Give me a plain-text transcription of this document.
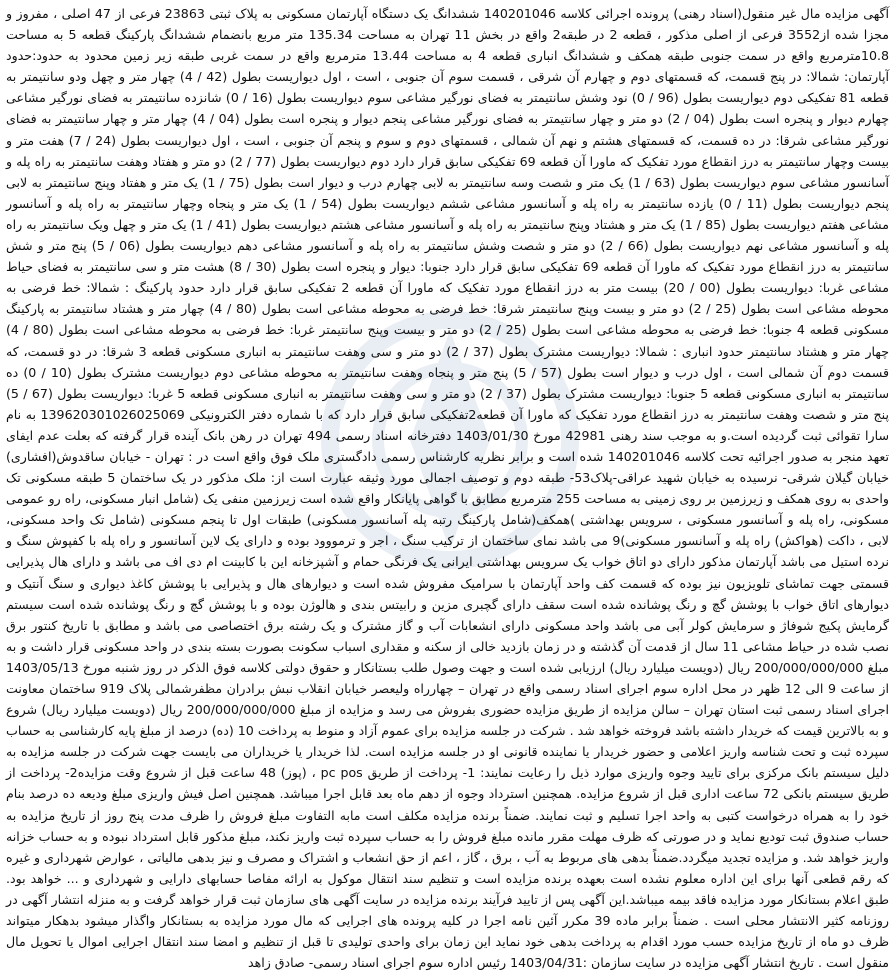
آگهی مزایده مال غیر منقول(اسناد رهنی) پرونده اجرائی کلاسه 140201046 ششدانگ یک دستگاه آپارتمان مسکونی به پلاک ثبتی 23863 فرعی از 47 اصلی ، مفروز و مجزا شده از3552 فرعی از اصلی مذکور ، قطعه 2 در طبقه2 واقع در بخش 11 تهران به مساحت 135.34 متر مربع بانضمام ششدانگ پارکینگ قطعه 5 به مساحت 10.8مترمربع واقع در سمت جنوبی طبقه همکف و ششدانگ انباری قطعه 4 به مساحت 13.44 مترمربع واقع در سمت غربی طبقه زیر زمین محدود به حدود:حدود آپارتمان: شمالا: در پنج قسمت، که قسمتهای دوم و چهارم آن شرقی ، قسمت سوم آن جنوبی ، است ، اول دیواریست بطول (42 / 4) چهار متر و چهل ودو سانتیمتر به قطعه 81 تفکیکی دوم دیواریست بطول (96 / 0) نود وشش سانتیمتر به فضای نورگیر مشاعی سوم دیواریست بطول (16 / 0) شانزده سانتیمتر به فضای نورگیر مشاعی چهارم دیوار و پنجره است بطول (04 / 2) دو متر و چهار سانتیمتر به فضای نورگیر مشاعی پنجم دیوار و پنجره است بطول (04 / 4) چهار متر و چهار سانتیمتر به فضای نورگیر مشاعی شرقا: در ده قسمت، که قسمتهای هشتم و نهم آن شمالی ، قسمتهای دوم و سوم و پنجم آن جنوبی ، است ، اول دیواریست بطول (24 / 7) هفت متر و بیست وچهار سانتیمتر به درز انقطاع مورد تفکیک که ماورا آن قطعه 69 تفکیکی سابق قرار دارد دوم دیواریست بطول (77 / 2) دو متر و هفتاد وهفت سانتیمتر به راه پله و آسانسور مشاعی سوم دیواریست بطول (63 / 1) یک متر و شصت وسه سانتیمتر به لابی چهارم درب و دیوار است بطول (75 / 1) یک متر و هفتاد وپنج سانتیمتر به لابی پنجم دیواریست بطول (11 / 0) یازده سانتیمتر به راه پله و آسانسور مشاعی ششم دیواریست بطول (54 / 1) یک متر و پنجاه وچهار سانتیمتر به راه پله و آسانسور مشاعی هفتم دیواریست بطول (85 / 1) یک متر و هشتاد وپنج سانتیمتر به راه پله و آسانسور مشاعی هشتم دیواریست بطول (41 / 1) یک متر و چهل ویک سانتیمتر به راه پله و آسانسور مشاعی نهم دیواریست بطول (66 / 2) دو متر و شصت وشش سانتیمتر به راه پله و آسانسور مشاعی دهم دیواریست بطول (06 / 5) پنج متر و شش سانتیمتر به درز انقطاع مورد تفکیک که ماورا آن قطعه 69 تفکیکی سابق قرار دارد جنوبا: دیوار و پنجره است بطول (30 / 8) هشت متر و سی سانتیمتر به فضای حیاط مشاعی غربا: دیواریست بطول (00 / 20) بیست متر به درز انقطاع مورد تفکیک که ماورا آن قطعه 2 تفکیکی سابق قرار دارد حدود پارکینگ : شمالا: خط فرضی به محوطه مشاعی است بطول (25 / 2) دو متر و بیست وپنج سانتیمتر شرقا: خط فرضی به محوطه مشاعی است بطول (80 / 4) چهار متر و هشتاد سانتیمتر به پارکینگ مسکونی قطعه 4 جنوبا: خط فرضی به محوطه مشاعی است بطول (25 / 2) دو متر و بیست وپنج سانتیمتر غربا: خط فرضی به محوطه مشاعی است بطول (80 / 4) چهار متر و هشتاد سانتیمتر حدود انباری : شمالا: دیواریست مشترک بطول (37 / 2) دو متر و سی وهفت سانتیمتر به انباری مسکونی قطعه 3 شرقا: در دو قسمت، که قسمت دوم آن شمالی است ، اول درب و دیوار است بطول (57 / 5) پنج متر و پنجاه وهفت سانتیمتر به محوطه مشاعی دوم دیواریست مشترک بطول (10 / 0) ده سانتیمتر به انباری مسکونی قطعه 5 جنوبا: دیواریست مشترک بطول (37 / 2) دو متر و سی وهفت سانتیمتر به انباری مسکونی قطعه 5 غربا: دیواریست بطول (67 / 5) پنج متر و شصت وهفت سانتیمتر به درز انقطاع مورد تفکیک که ماورا آن قطعه2تفکیکی سابق قرار دارد که با شماره دفتر الکترونیکی 139620301026025069 به نام سارا تقوائی ثبت گردیده است.و به موجب سند رهنی 42981 مورخ 1403/01/30 دفترخانه اسناد رسمی 494 تهران در رهن بانک آینده قرار گرفته که بعلت عدم ایفای تعهد منجر به صدور اجرائیه تحت کلاسه 140201046 شده است و برابر نظریه کارشناس رسمی دادگستری ملک فوق واقع است در : تهران - خیابان ساقدوش(افشاری) خیابان گیلان شرقی- نرسیده به خیابان شهید عراقی-پلاک53- طبقه دوم و توصیف اجمالی مورد وثیقه عبارت است از: ملک مذکور در یک ساختمان 5 طبقه مسکونی تک واحدی به روی همکف و زیرزمین بر روی زمینی به مساحت 255 مترمربع مطابق با گواهی پایانکار واقع شده است زیرزمین منفی یک (شامل انبار مسکونی، راه رو عمومی مسکونی، راه پله و آسانسور مسکونی ، سرویس بهداشتی )همکف(شامل پارکینگ رتبه پله آسانسور مسکونی) طبقات اول تا پنجم مسکونی (شامل تک واحد مسکونی، لابی ، داکت (هواکش) راه پله و آسانسور مسکونی)9 می باشد نمای ساختمان از ترکیب سنگ ، اجر و ترمووود بوده و دارای یک لاین آسانسور و راه پله با کفپوش سنگ و نرده استیل می باشد آپارتمان مذکور دارای دو اتاق خواب یک سرویس بهداشتی ایرانی یک فرنگی حمام و آشپزخانه این با کابینت ام دی اف می باشد و دارای هال پذیرایی قسمتی جهت تماشای تلویزیون نیز بوده که قسمت کف واحد آپارتمان با سرامیک مفروش شده است و دیوارهای هال و پذیرایی با پوشش کاغذ دیواری و سنگ آنتیک و دیوارهای اتاق خواب با پوشش گچ و رنگ پوشانده شده است سقف دارای گچبری مزین و رابیتس بندی و هالوژن بوده و با پوشش گچ و رنگ پوشانده شده است سیستم گرمایش پکیج شوفاژ و سرمایش کولر آبی می باشد واحد مسکونی دارای انشعابات آب و گاز مشترک و یک رشته برق اختصاصی می باشد و مطابق با تاریخ کنتور برق نصب شده در حیاط مشاعی 11 سال از قدمت آن گذشته و در زمان بازدید خالی از سکنه و مقداری اسباب سکونت بصورت بسته بندی در واحد مسکونی قرار داشت و به مبلغ 200/000/000/000 ریال (دویست میلیارد ریال) ارزیابی شده است و جهت وصول طلب بستانکار و حقوق دولتی کلاسه فوق الذکر در روز شنبه مورخ 1403/05/13 از ساعت 9 الی 12 ظهر در محل اداره سوم اجرای اسناد رسمی واقع در تهران – چهارراه ولیعصر خیابان انقلاب نبش برادران مظفرشمالی پلاک 919 ساختمان معاونت اجرای اسناد رسمی ثبت استان تهران – سالن مزایده از طریق مزایده حضوری بفروش می رسد و مزایده از مبلغ 200/000/000/000 ریال (دویست میلیارد ریال) شروع و به بالاترین قیمت که خریدار داشته باشد فروخته خواهد شد . شرکت در جلسه مزایده برای عموم آزاد و منوط به پرداخت 10 (ده) درصد از مبلغ پایه کارشناسی به حساب سپرده ثبت و تحت شناسه واریز اعلامی و حضور خریدار یا نماینده قانونی او در جلسه مزایده است. لذا خریدار یا خریداران می بایست جهت شرکت در جلسه مزایده به دلیل سیستم بانک مرکزی برای تایید وجوه واریزی موارد ذیل را رعایت نمایند: 1- پرداخت از طریق pc pos ، (پوز) 48 ساعت قبل از شروع وقت مزایده2- پرداخت از طریق سیستم بانکی 72 ساعت اداری قبل از شروع مزایده. همچنین استرداد وجوه از دهم ماه بعد قابل اجرا میباشد. همچنین اصل فیش واریزی مبلغ ودیعه ده درصد بنام خود را به همراه درخواست کتبی به واحد اجرا تسلیم و ثبت نمایند. ضمناً برنده مزایده مکلف است مابه التفاوت مبلغ فروش را ظرف مدت پنج روز از تاریخ مزایده به حساب صندوق ثبت تودیع نماید و در صورتی که ظرف مهلت مقرر مانده مبلغ فروش را به حساب سپرده ثبت واریز نکند، مبلغ مذکور قابل استرداد نبوده و به حساب خزانه واریز خواهد شد. و مزایده تجدید میگردد.ضمناً بدهی های مربوط به آب ، برق ، گاز ، اعم از حق انشعاب و اشتراک و مصرف و نیز بدهی مالیاتی ، عوارض شهرداری و غیره که رقم قطعی آنها برای این اداره معلوم نشده است بعهده برنده مزایده است و تنظیم سند انتقال موکول به ارائه مفاصا حسابهای دارایی و شهرداری و ... خواهد بود. طبق اعلام بستانکار مورد مزایده فاقد بیمه میباشد.این آگهی پس از تایید فرآیند برنده مزایده در سایت آگهی های سازمان ثبت قرار خواهد گرفت و به منزله انتشار آگهی در روزنامه کثیر الانتشار محلی است . ضمناً برابر ماده 39 مکرر آئین نامه اجرا در کلیه پرونده های اجرایی که مال مورد مزایده به بستانکار واگذار میشود بدهکار میتواند ظرف دو ماه از تاریخ مزایده حسب مورد اقدام به پرداخت بدهی خود نماید این زمان برای واحدی تولیدی تا قبل از تنظیم و امضا سند انتقال اجرایی اموال یا تحویل مال منقول است . تاریخ انتشار آگهی مزایده در سایت سازمان :1403/04/31 رئیس اداره سوم اجرای اسناد رسمی- صادق زاهد
